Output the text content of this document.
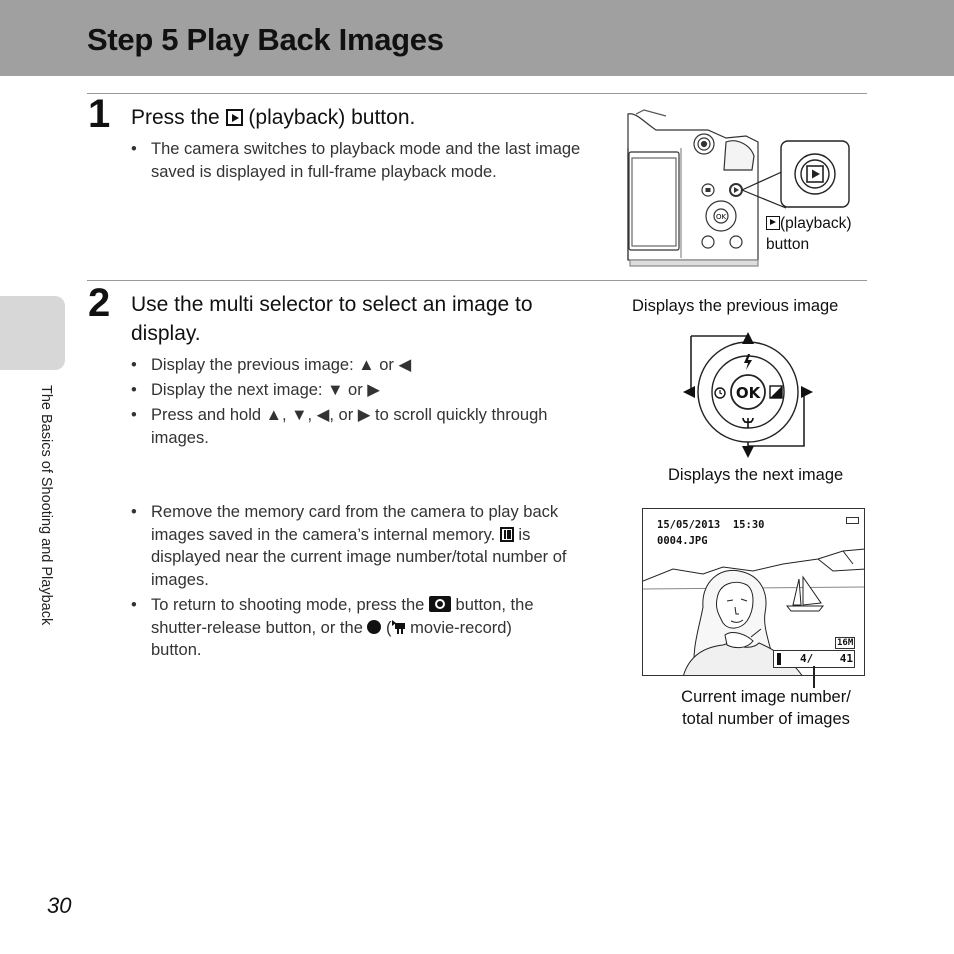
Step 5 Play Back Images
The Basics of Shooting and Playback
1 Press the (playback) button.
• The camera switches to playback mode and the last image saved is displayed in full-frame playback mode.
OK	(playback)
button
2 Use the multi selector to select an image to display.
• Display the previous image: ▲ or ◀
• Display the next image: ▼ or ▶
• Press and hold ▲, ▼, ◀, or ▶ to scroll quickly through
images.
Displays the previous image
OK
Displays the next image
• Remove the memory card from the camera to play back
images saved in the camera’s internal memory. is
displayed near the current image number/total number of
images.
• To return to shooting mode, press the button, the
shutter-release button, or the  ( movie-record)
button.
15/05/2013  15:30
0004.JPG
16M
4/    41
Current image number/
total number of images
30
